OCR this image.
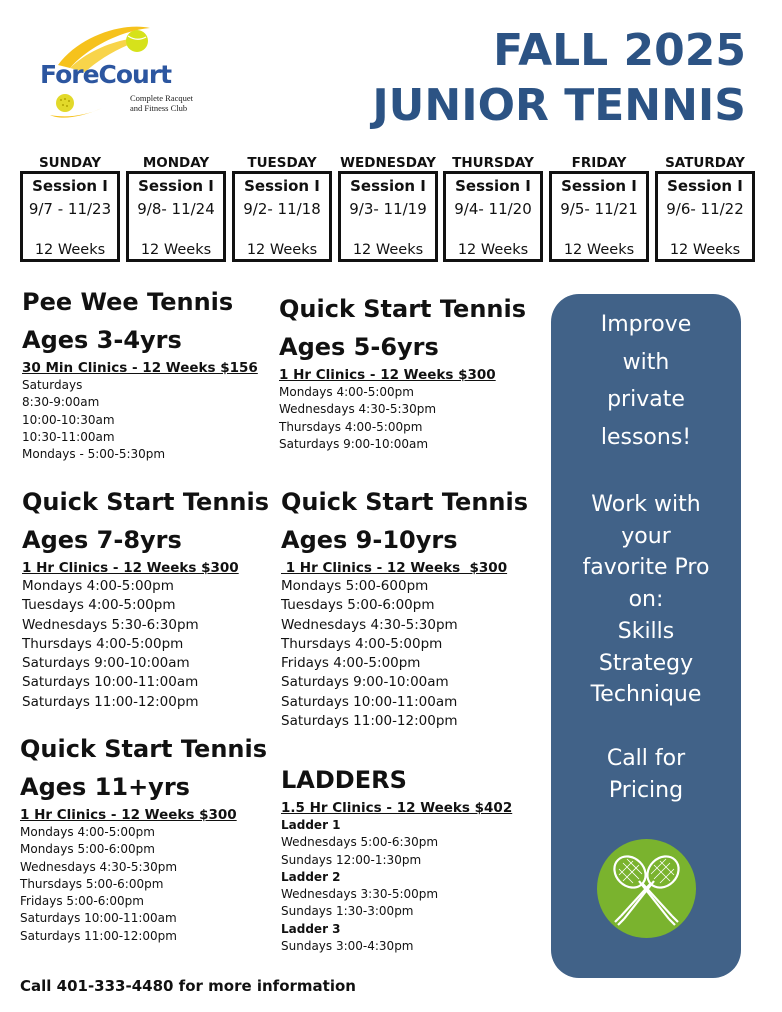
ForeCourt
Complete Racquet
and Fitness Club
FALL 2025
JUNIOR TENNIS
SUNDAY
Session I
9/7 - 11/23
12 Weeks
MONDAY
Session I
9/8- 11/24
12 Weeks
TUESDAY
Session I
9/2- 11/18
12 Weeks
WEDNESDAY
Session I
9/3- 11/19
12 Weeks
THURSDAY
Session I
9/4- 11/20
12 Weeks
FRIDAY
Session I
9/5- 11/21
12 Weeks
SATURDAY
Session I
9/6- 11/22
12 Weeks
Pee Wee Tennis
Ages 3-4yrs
30 Min Clinics - 12 Weeks $156
Saturdays
8:30-9:00am
10:00-10:30am
10:30-11:00am
Mondays - 5:00-5:30pm
Quick Start Tennis
Ages 5-6yrs
1 Hr Clinics - 12 Weeks $300
Mondays 4:00-5:00pm
Wednesdays 4:30-5:30pm
Thursdays 4:00-5:00pm
Saturdays 9:00-10:00am
Quick Start Tennis
Ages 7-8yrs
1 Hr Clinics - 12 Weeks $300
Mondays 4:00-5:00pm
Tuesdays 4:00-5:00pm
Wednesdays 5:30-6:30pm
Thursdays 4:00-5:00pm
Saturdays 9:00-10:00am
Saturdays 10:00-11:00am
Saturdays 11:00-12:00pm
Quick Start Tennis
Ages 9-10yrs
1 Hr Clinics - 12 Weeks  $300
Mondays 5:00-600pm
Tuesdays 5:00-6:00pm
Wednesdays 4:30-5:30pm
Thursdays 4:00-5:00pm
Fridays 4:00-5:00pm
Saturdays 9:00-10:00am
Saturdays 10:00-11:00am
Saturdays 11:00-12:00pm
Quick Start Tennis
Ages 11+yrs
1 Hr Clinics - 12 Weeks $300
Mondays 4:00-5:00pm
Mondays 5:00-6:00pm
Wednesdays 4:30-5:30pm
Thursdays 5:00-6:00pm
Fridays 5:00-6:00pm
Saturdays 10:00-11:00am
Saturdays 11:00-12:00pm
LADDERS
1.5 Hr Clinics - 12 Weeks $402
Ladder 1
Wednesdays 5:00-6:30pm
Sundays 12:00-1:30pm
Ladder 2
Wednesdays 3:30-5:00pm
Sundays 1:30-3:00pm
Ladder 3
Sundays 3:00-4:30pm
Improve
with
private
lessons!
Work with
your
favorite Pro
on:
Skills
Strategy
Technique
Call for
Pricing
Call 401-333-4480 for more information
